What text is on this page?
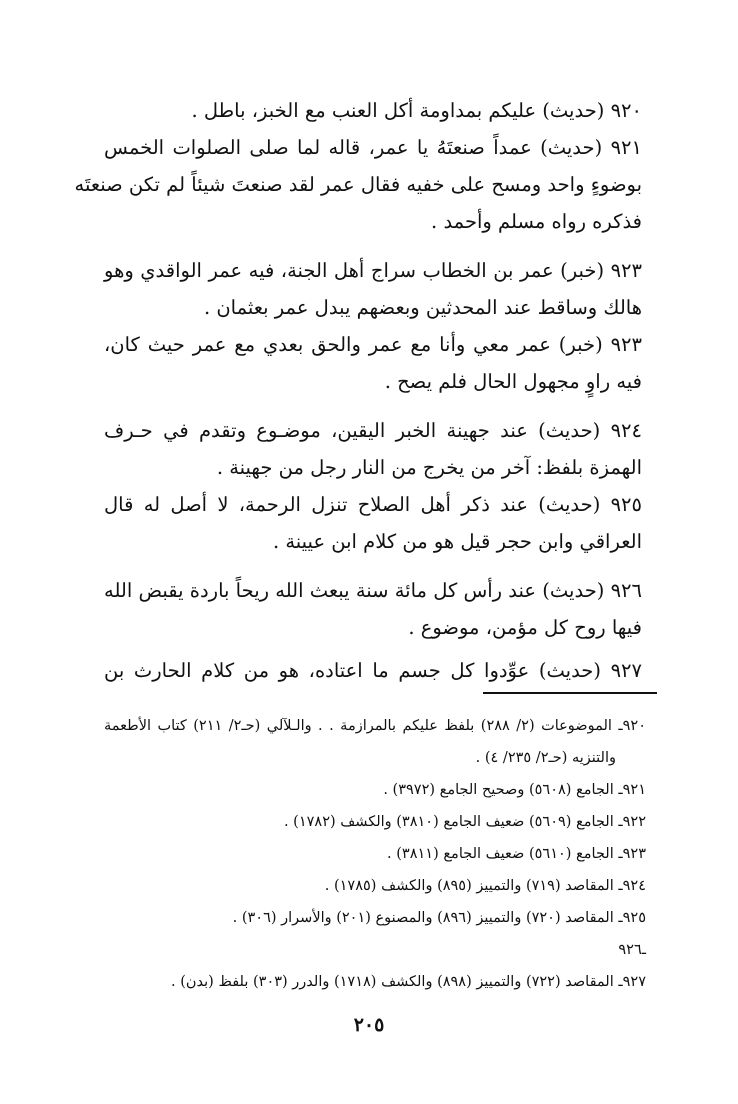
٩٢٠ (حديث) عليكم بمداومة أكل العنب مع الخبز، باطل .

٩٢١ (حديث) عمداً صنعتَهُ يا عمر، قاله لما صلى الصلوات الخمس
بوضوءٍ واحد ومسح على خفيه فقال عمر لقد صنعتَ شيئاً لم تكن صنعتَه
فذكره رواه مسلم وأحمد .

٩٢٣ (خبر) عمر بن الخطاب سراج أهل الجنة، فيه عمر الواقدي وهو
هالك وساقط عند المحدثين وبعضهم يبدل عمر بعثمان .

٩٢٣ (خبر) عمر معي وأنا مع عمر والحق بعدي مع عمر حيث كان،
فيه راوٍ مجهول الحال فلم يصح .

٩٢٤ (حديث) عند جهينة الخبر اليقين، موضـوع وتقدم في حـرف
الهمزة بلفظ: آخر من يخرج من النار رجل من جهينة .

٩٢٥ (حديث) عند ذكر أهل الصلاح تنزل الرحمة، لا أصل له قال
العراقي وابن حجر قيل هو من كلام ابن عيينة .

٩٢٦ (حديث) عند رأس كل مائة سنة يبعث الله ريحاً باردة يقبض الله
فيها روح كل مؤمن، موضوع .

٩٢٧ (حديث) عوِّدوا كل جسم ما اعتاده، هو من كلام الحارث بن

٩٢٠ـ الموضوعات (٢/ ٢٨٨) بلفظ عليكم بالمرازمة . . والـلآلي (حـ٢/ ٢١١) كتاب الأطعمة
والتنزيه (حـ٢/ ٢٣٥/ ٤) .
٩٢١ـ الجامع (٥٦٠٨) وصحيح الجامع (٣٩٧٢) .
٩٢٢ـ الجامع (٥٦٠٩) ضعيف الجامع (٣٨١٠) والكشف (١٧٨٢) .
٩٢٣ـ الجامع (٥٦١٠) ضعيف الجامع (٣٨١١) .
٩٢٤ـ المقاصد (٧١٩) والتمييز (٨٩٥) والكشف (١٧٨٥) .
٩٢٥ـ المقاصد (٧٢٠) والتمييز (٨٩٦) والمصنوع (٢٠١) والأسرار (٣٠٦) .
ـ٩٢٦
٩٢٧ـ المقاصد (٧٢٢) والتمييز (٨٩٨) والكشف (١٧١٨) والدرر (٣٠٣) بلفظ (بدن) .
٢٠٥
